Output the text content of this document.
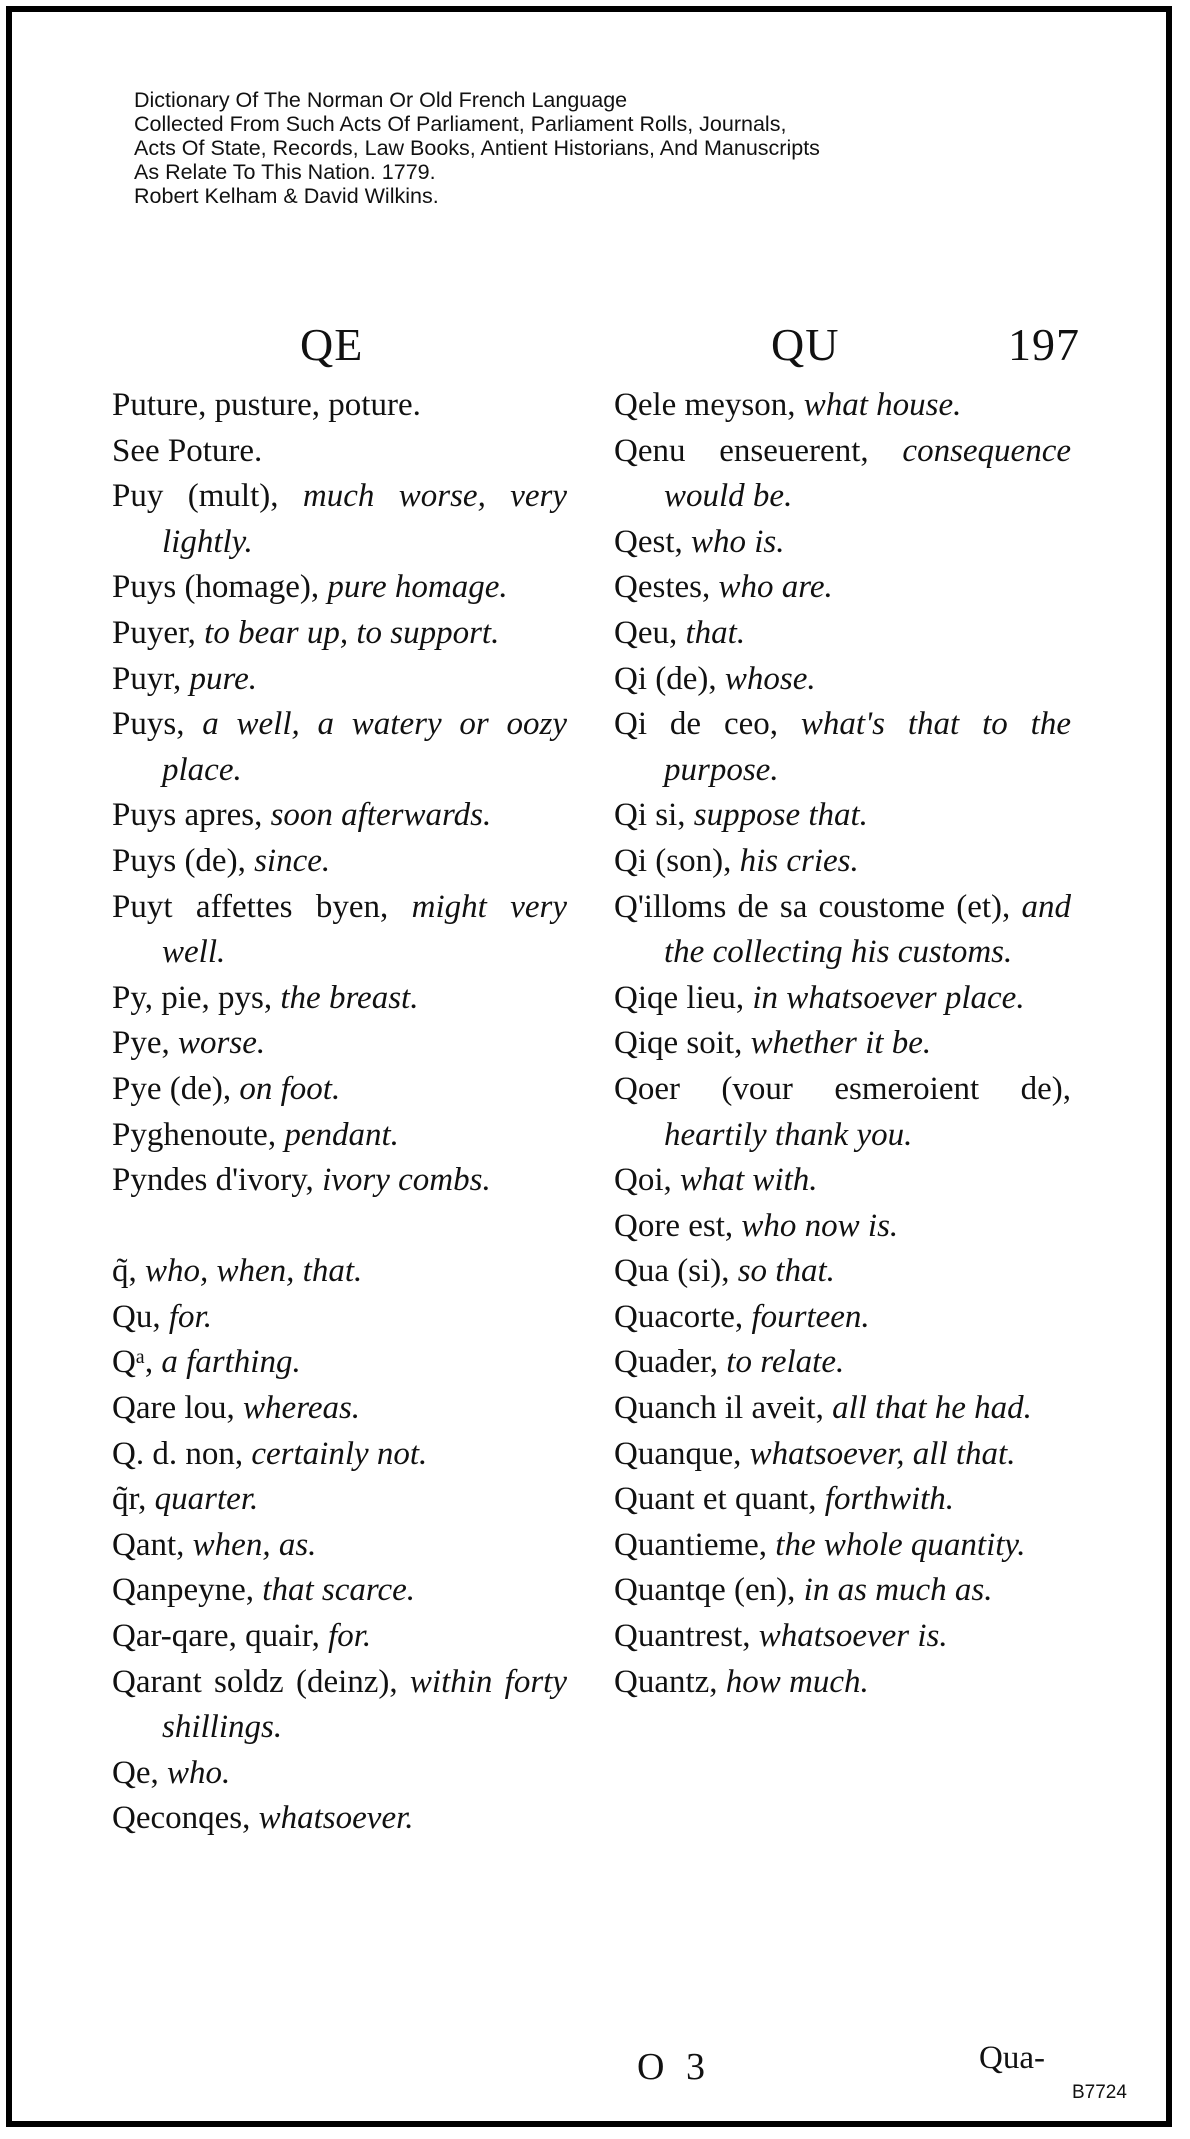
Dictionary Of The Norman Or Old French Language
Collected From Such Acts Of Parliament, Parliament Rolls, Journals,
Acts Of State, Records, Law Books, Antient Historians, And Manuscripts
As Relate To This Nation. 1779.
Robert Kelham & David Wilkins.
QE	QU	197
Puture, pusture, poture.
See Poture.
Puy (mult), much worse, very lightly.
Puys (homage), pure homage.
Puyer, to bear up, to support.
Puyr, pure.
Puys, a well, a watery or oozy place.
Puys apres, soon afterwards.
Puys (de), since.
Puyt affettes byen, might very well.
Py, pie, pys, the breast.
Pye, worse.
Pye (de), on foot.
Pyghenoute, pendant.
Pyndes d'ivory, ivory combs.
q̃, who, when, that.
Qu, for.
Qᵃ, a farthing.
Qare lou, whereas.
Q. d. non, certainly not.
q̃r, quarter.
Qant, when, as.
Qanpeyne, that scarce.
Qar-qare, quair, for.
Qarant soldz (deinz), within forty shillings.
Qe, who.
Qeconqes, whatsoever.
Qele meyson, what house.
Qenu enseuerent, consequence would be.
Qest, who is.
Qestes, who are.
Qeu, that.
Qi (de), whose.
Qi de ceo, what's that to the purpose.
Qi si, suppose that.
Qi (son), his cries.
Q'illoms de sa coustome (et), and the collecting his customs.
Qiqe lieu, in whatsoever place.
Qiqe soit, whether it be.
Qoer (vour esmeroient de), heartily thank you.
Qoi, what with.
Qore est, who now is.
Qua (si), so that.
Quacorte, fourteen.
Quader, to relate.
Quanch il aveit, all that he had.
Quanque, whatsoever, all that.
Quant et quant, forthwith.
Quantieme, the whole quantity.
Quantqe (en), in as much as.
Quantrest, whatsoever is.
Quantz, how much.
O 3	Qua-
B7724
